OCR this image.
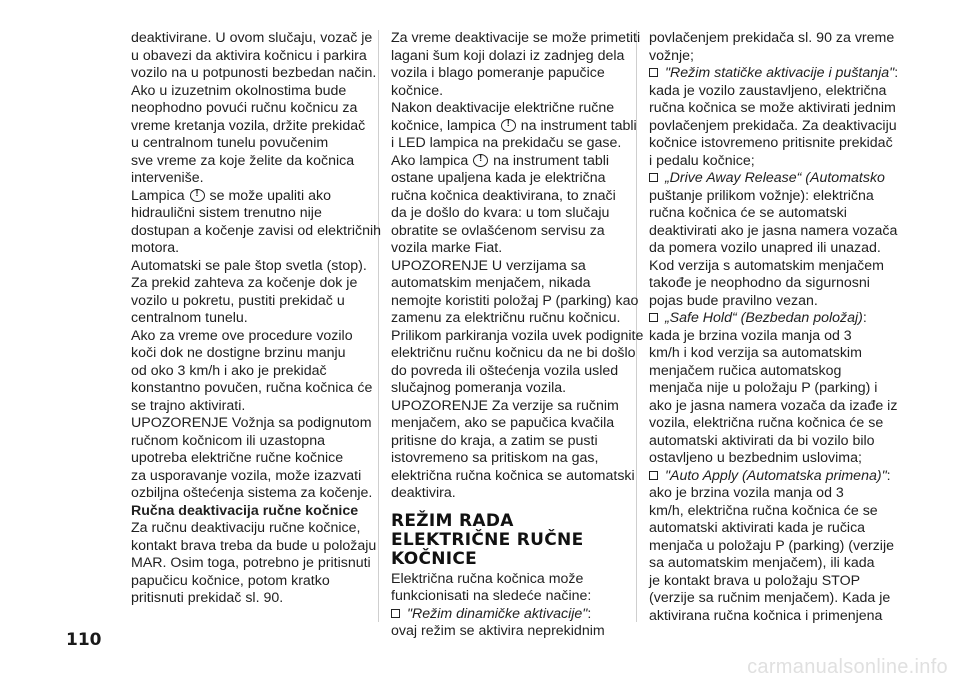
deaktivirane. U ovom slučaju, vozač je
u obavezi da aktivira kočnicu i parkira
vozilo na u potpunosti bezbedan način.
Ako u izuzetnim okolnostima bude
neophodno povući ručnu kočnicu za
vreme kretanja vozila, držite prekidač
u centralnom tunelu povučenim
sve vreme za koje želite da kočnica
interveniše.
Lampica ! se može upaliti ako
hidraulični sistem trenutno nije
dostupan a kočenje zavisi od električnih
motora.
Automatski se pale štop svetla (stop).
Za prekid zahteva za kočenje dok je
vozilo u pokretu, pustiti prekidač u
centralnom tunelu.
Ako za vreme ove procedure vozilo
koči dok ne dostigne brzinu manju
od oko 3 km/h i ako je prekidač
konstantno povučen, ručna kočnica će
se trajno aktivirati.
UPOZORENJE Vožnja sa podignutom
ručnom kočnicom ili uzastopna
upotreba električne ručne kočnice
za usporavanje vozila, može izazvati
ozbiljna oštećenja sistema za kočenje.
Ručna deaktivacija ručne kočnice
Za ručnu deaktivaciju ručne kočnice,
kontakt brava treba da bude u položaju
MAR. Osim toga, potrebno je pritisnuti
papučicu kočnice, potom kratko
pritisnuti prekidač sl. 90.
Za vreme deaktivacije se može primetiti
lagani šum koji dolazi iz zadnjeg dela
vozila i blago pomeranje papučice
kočnice.
Nakon deaktivacije električne ručne
kočnice, lampica ! na instrument tabli
i LED lampica na prekidaču se gase.
Ako lampica ! na instrument tabli
ostane upaljena kada je električna
ručna kočnica deaktivirana, to znači
da je došlo do kvara: u tom slučaju
obratite se ovlašćenom servisu za
vozila marke Fiat.
UPOZORENJE U verzijama sa
automatskim menjačem, nikada
nemojte koristiti položaj P (parking) kao
zamenu za električnu ručnu kočnicu.
Prilikom parkiranja vozila uvek podignite
električnu ručnu kočnicu da ne bi došlo
do povreda ili oštećenja vozila usled
slučajnog pomeranja vozila.
UPOZORENJE Za verzije sa ručnim
menjačem, ako se papučica kvačila
pritisne do kraja, a zatim se pusti
istovremeno sa pritiskom na gas,
električna ručna kočnica se automatski
deaktivira.
REŽIM RADA
ELEKTRIČNE RUČNE
KOČNICE
Električna ručna kočnica može
funkcionisati na sledeće načine:
"Režim dinamičke aktivacije":
ovaj režim se aktivira neprekidnim
povlačenjem prekidača sl. 90 za vreme
vožnje;
"Režim statičke aktivacije i puštanja":
kada je vozilo zaustavljeno, električna
ručna kočnica se može aktivirati jednim
povlačenjem prekidača. Za deaktivaciju
kočnice istovremeno pritisnite prekidač
i pedalu kočnice;
„Drive Away Release“ (Automatsko
puštanje prilikom vožnje): električna
ručna kočnica će se automatski
deaktivirati ako je jasna namera vozača
da pomera vozilo unapred ili unazad.
Kod verzija s automatskim menjačem
takođe je neophodno da sigurnosni
pojas bude pravilno vezan.
„Safe Hold“ (Bezbedan položaj):
kada je brzina vozila manja od 3
km/h i kod verzija sa automatskim
menjačem ručica automatskog
menjača nije u položaju P (parking) i
ako je jasna namera vozača da izađe iz
vozila, električna ručna kočnica će se
automatski aktivirati da bi vozilo bilo
ostavljeno u bezbednim uslovima;
"Auto Apply (Automatska primena)":
ako je brzina vozila manja od 3
km/h, električna ručna kočnica će se
automatski aktivirati kada je ručica
menjača u položaju P (parking) (verzije
sa automatskim menjačem), ili kada
je kontakt brava u položaju STOP
(verzije sa ručnim menjačem). Kada je
aktivirana ručna kočnica i primenjena
110
carmanualsonline.info
